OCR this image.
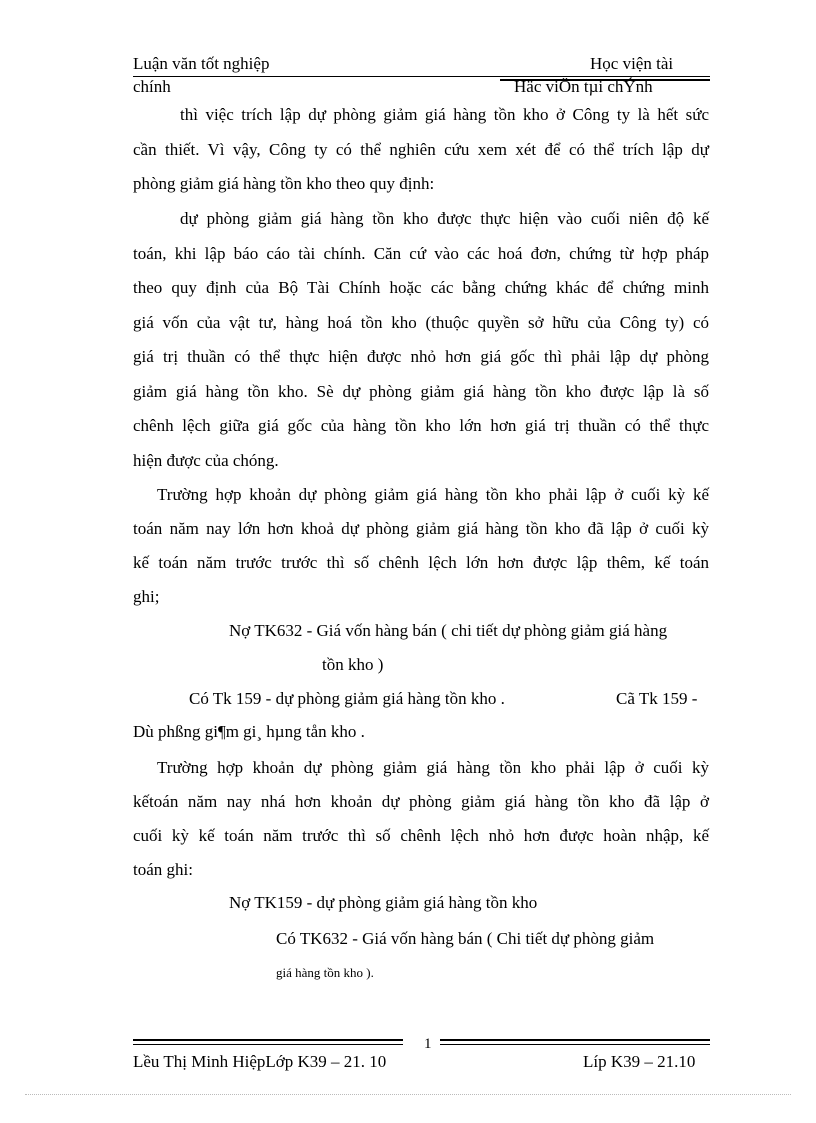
Luận văn tốt nghiệp	Học viện tài
chính	Häc viÖn tµi chÝnh
thì việc trích lập dự phòng giảm giá hàng tồn kho ở Công ty là hết sức
cần thiết. Vì vậy, Công ty có thể nghiên cứu xem xét để có thể trích lập dự
phòng giảm giá hàng tồn kho theo quy định:
dự phòng giảm giá hàng tồn kho được thực hiện vào cuối niên độ kế
toán, khi lập báo cáo tài chính. Căn cứ vào các hoá đơn, chứng từ hợp pháp
theo quy định của Bộ Tài Chính hoặc các bằng chứng khác để chứng minh
giá vốn của vật tư, hàng hoá tồn kho (thuộc quyền sở hữu của Công ty) có
giá trị thuần có thể thực hiện được nhỏ hơn giá gốc thì phải lập dự phòng
giảm giá hàng tồn kho. Sè dự phòng giảm giá hàng tồn kho được lập là số
chênh lệch giữa giá gốc của hàng tồn kho lớn hơn giá trị thuần có thể thực
hiện được của chóng.
Trường hợp khoản dự phòng giảm giá hàng tồn kho phải lập ở cuối kỳ kế
toán năm nay lớn hơn khoả dự phòng giảm giá hàng tồn kho đã lập ở cuối kỳ
kế toán năm trước trước thì số chênh lệch lớn hơn được lập thêm, kế toán
ghi;
Nợ TK632 - Giá vốn hàng bán ( chi tiết dự phòng giảm giá hàng
tồn kho )
Có Tk 159 - dự phòng giảm giá hàng tồn kho .	Cã Tk 159 -
Dù phßng gi¶m gi¸ hµng tån kho .
Trường hợp khoản dự phòng giảm giá hàng tồn kho phải lập ở cuối kỳ
kếtoán năm nay nhá hơn khoản dự phòng giảm giá hàng tồn kho đã lập ở
cuối kỳ kế toán năm trước thì số chênh lệch nhỏ hơn được hoàn nhập, kế
toán ghi:
Nợ TK159 - dự phòng giảm giá hàng tồn kho
Có TK632 - Giá vốn hàng bán ( Chi tiết dự phòng giảm
giá hàng tồn kho ).
1
Lều Thị Minh HiệpLớp K39 – 21. 10	Líp K39 – 21.10
